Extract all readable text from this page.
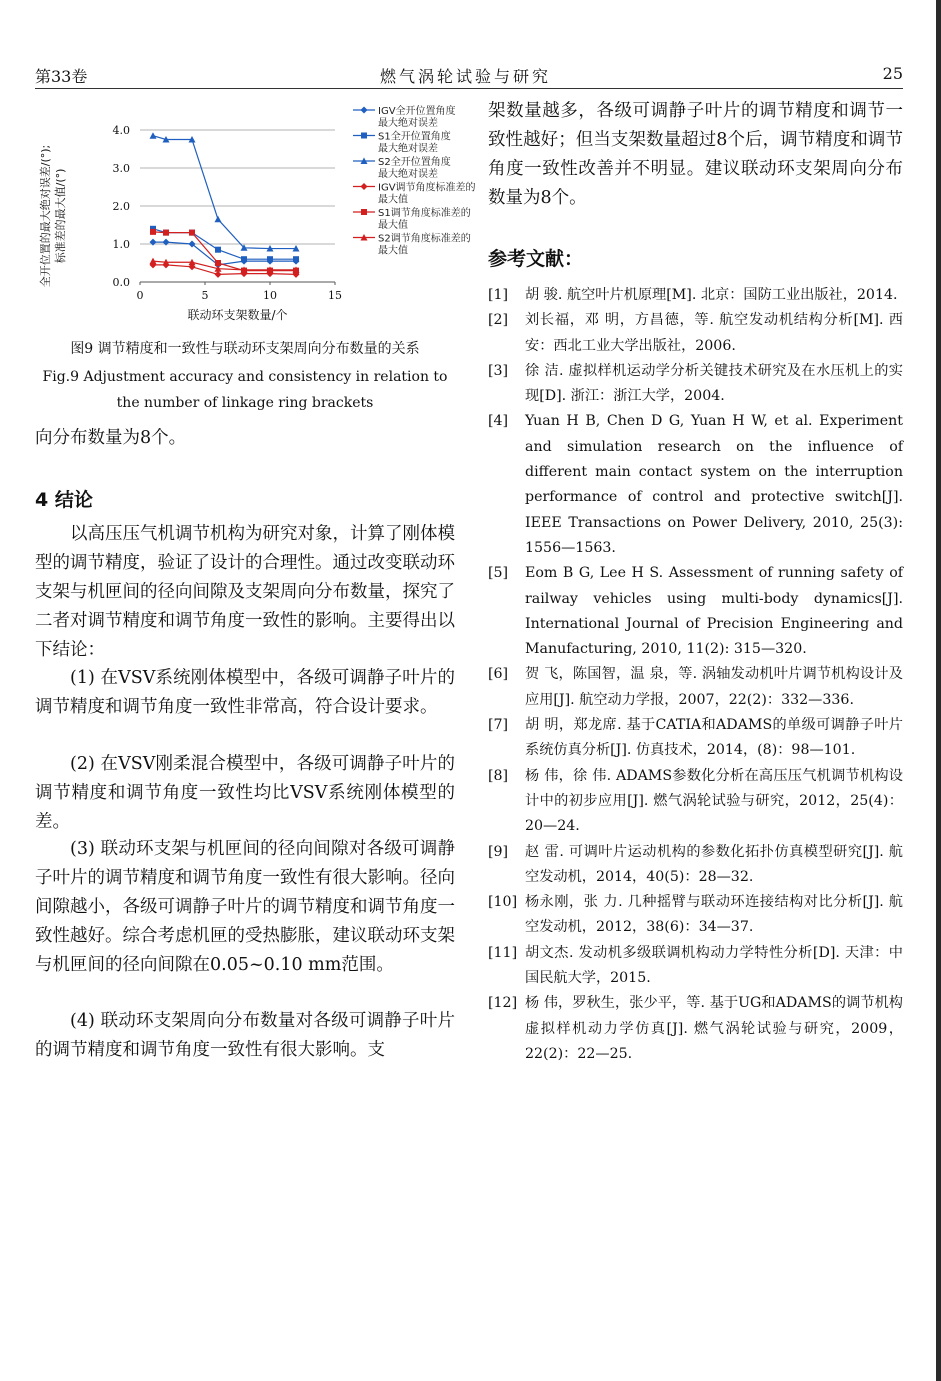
第33卷	燃气涡轮试验与研究	25
0.0
1.0
2.0
3.0
4.0
0	5	10	15
联动环支架数量/个
全开位置的最大绝对误差/(°); 标准差的最大值/(°)
IGV全开位置角度
最大绝对误差
S1全开位置角度
最大绝对误差
S2全开位置角度
最大绝对误差
IGV调节角度标准差的
最大值
S1调节角度标准差的
最大值
S2调节角度标准差的
最大值
图9 调节精度和一致性与联动环支架周向分布数量的关系
Fig.9 Adjustment accuracy and consistency in relation to the number of linkage ring brackets
向分布数量为8个。
4 结论
以高压压气机调节机构为研究对象，计算了刚体模型的调节精度，验证了设计的合理性。通过改变联动环支架与机匣间的径向间隙及支架周向分布数量，探究了二者对调节精度和调节角度一致性的影响。主要得出以下结论：
(1) 在VSV系统刚体模型中，各级可调静子叶片的调节精度和调节角度一致性非常高，符合设计要求。
(2) 在VSV刚柔混合模型中，各级可调静子叶片的调节精度和调节角度一致性均比VSV系统刚体模型的差。
(3) 联动环支架与机匣间的径向间隙对各级可调静子叶片的调节精度和调节角度一致性有很大影响。径向间隙越小，各级可调静子叶片的调节精度和调节角度一致性越好。综合考虑机匣的受热膨胀，建议联动环支架与机匣间的径向间隙在0.05~0.10 mm范围。
(4) 联动环支架周向分布数量对各级可调静子叶片的调节精度和调节角度一致性有很大影响。支
架数量越多，各级可调静子叶片的调节精度和调节一致性越好；但当支架数量超过8个后，调节精度和调节角度一致性改善并不明显。建议联动环支架周向分布数量为8个。
参考文献：
[1]	胡 骏. 航空叶片机原理[M]. 北京：国防工业出版社，2014.
[2]	刘长福，邓 明，方昌德，等. 航空发动机结构分析[M]. 西安：西北工业大学出版社，2006.
[3]	徐 洁. 虚拟样机运动学分析关键技术研究及在水压机上的实现[D]. 浙江：浙江大学，2004.
[4]	Yuan H B, Chen D G, Yuan H W, et al. Experiment and simulation research on the influence of different main contact system on the interruption performance of control and protective switch[J]. IEEE Transactions on Power Delivery, 2010, 25(3): 1556—1563.
[5]	Eom B G, Lee H S. Assessment of running safety of railway vehicles using multi-body dynamics[J]. International Journal of Precision Engineering and Manufacturing, 2010, 11(2): 315—320.
[6]	贺 飞，陈国智，温 泉，等. 涡轴发动机叶片调节机构设计及应用[J]. 航空动力学报，2007，22(2)：332—336.
[7]	胡 明，郑龙席. 基于CATIA和ADAMS的单级可调静子叶片系统仿真分析[J]. 仿真技术，2014，(8)：98—101.
[8]	杨 伟，徐 伟. ADAMS参数化分析在高压压气机调节机构设计中的初步应用[J]. 燃气涡轮试验与研究，2012，25(4)：20—24.
[9]	赵 雷. 可调叶片运动机构的参数化拓扑仿真模型研究[J]. 航空发动机，2014，40(5)：28—32.
[10] 杨永刚，张 力. 几种摇臂与联动环连接结构对比分析[J]. 航空发动机，2012，38(6)：34—37.
[11] 胡文杰. 发动机多级联调机构动力学特性分析[D]. 天津：中国民航大学，2015.
[12] 杨 伟，罗秋生，张少平，等. 基于UG和ADAMS的调节机构虚拟样机动力学仿真[J]. 燃气涡轮试验与研究，2009，22(2)：22—25.
